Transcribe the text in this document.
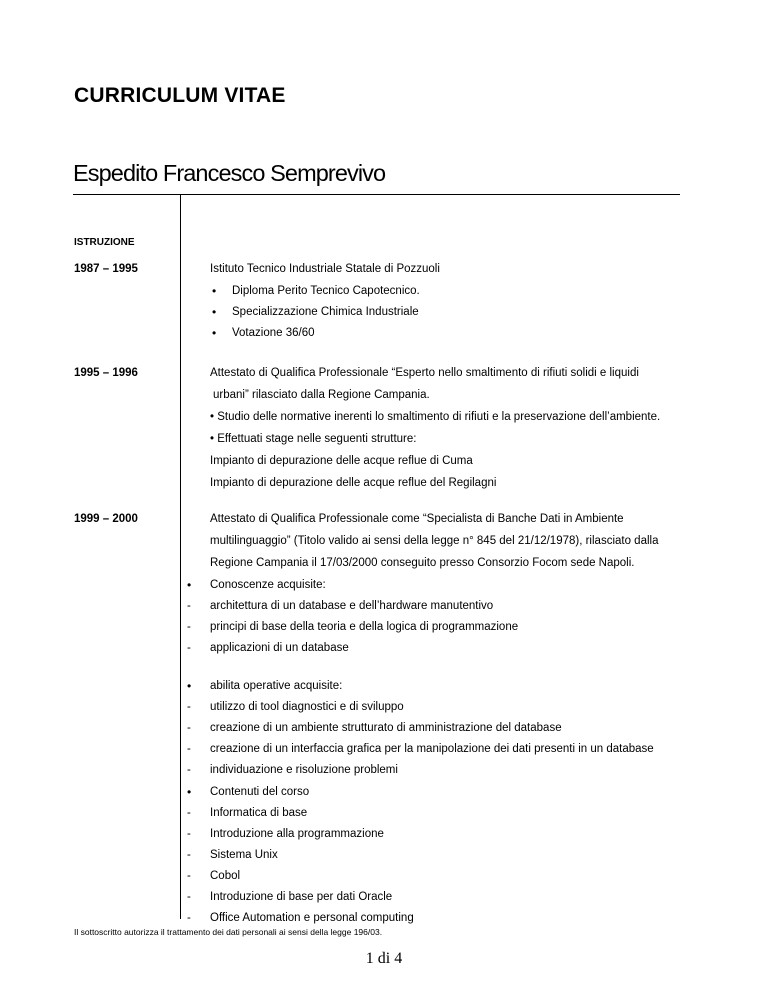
CURRICULUM VITAE
Espedito Francesco Semprevivo
ISTRUZIONE
1987 – 1995	Istituto Tecnico Industriale Statale di Pozzuoli
• Diploma Perito Tecnico Capotecnico.
• Specializzazione Chimica Industriale
• Votazione 36/60
1995 – 1996	Attestato di Qualifica Professionale “Esperto nello smaltimento di rifiuti solidi e liquidi
urbani” rilasciato dalla Regione Campania.
• Studio delle normative inerenti lo smaltimento di rifiuti e la preservazione dell’ambiente.
• Effettuati stage nelle seguenti strutture:
Impianto di depurazione delle acque reflue di Cuma
Impianto di depurazione delle acque reflue del Regilagni
1999 – 2000	Attestato di Qualifica Professionale come “Specialista di Banche Dati in Ambiente
multilinguaggio” (Titolo valido ai sensi della legge n° 845 del 21/12/1978), rilasciato dalla
Regione Campania il 17/03/2000 conseguito presso Consorzio Focom sede Napoli.
• Conoscenze acquisite:
- architettura di un database e dell’hardware manutentivo
- principi di base della teoria e della logica di programmazione
- applicazioni di un database
• abilita operative acquisite:
- utilizzo di tool diagnostici e di sviluppo
- creazione di un ambiente strutturato di amministrazione del database
- creazione di un interfaccia grafica per la manipolazione dei dati presenti in un database
- individuazione e risoluzione problemi
• Contenuti del corso
- Informatica di base
- Introduzione alla programmazione
- Sistema Unix
- Cobol
- Introduzione di base per dati Oracle
- Office Automation e personal computing
Il sottoscritto autorizza il trattamento dei dati personali ai sensi della legge 196/03.
1 di 4
